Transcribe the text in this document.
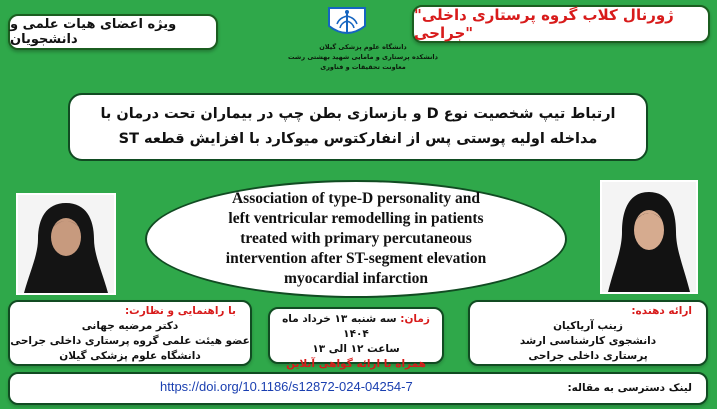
ویژه اعضای هیات علمی و دانشجویان	دانشگاه علوم پزشکی گیلان
دانشکده پرستاری و مامایی شهید بهشتی رشت
معاونت تحقیقات و فناوری
"ژورنال کلاب گروه پرستاری داخلی جراحی"
ارتباط تیپ شخصیت نوع D و بازسازی بطن چپ در بیماران تحت درمان با
مداخله اولیه پوستی پس از انفارکتوس میوکارد با افزایش قطعه ST
Association of type-D personality and
left ventricular remodelling in patients
treated with primary percutaneous
intervention after ST-segment elevation
myocardial infarction
با راهنمایی و نظارت:
دکتر مرضیه جهانی
عضو هیئت علمی گروه پرستاری داخلی جراحی
دانشگاه علوم پزشکی گیلان
زمان: سه شنبه ۱۳ خرداد ماه ۱۴۰۴
ساعت ۱۲ الی ۱۳
همراه با ارائه گواهی آنلاین
ارائه دهنده:
زینب آریاکیان
دانشجوی کارشناسی ارشد
پرستاری داخلی جراحی
لینک دسترسی به مقاله:
https://doi.org/10.1186/s12872-024-04254-7
